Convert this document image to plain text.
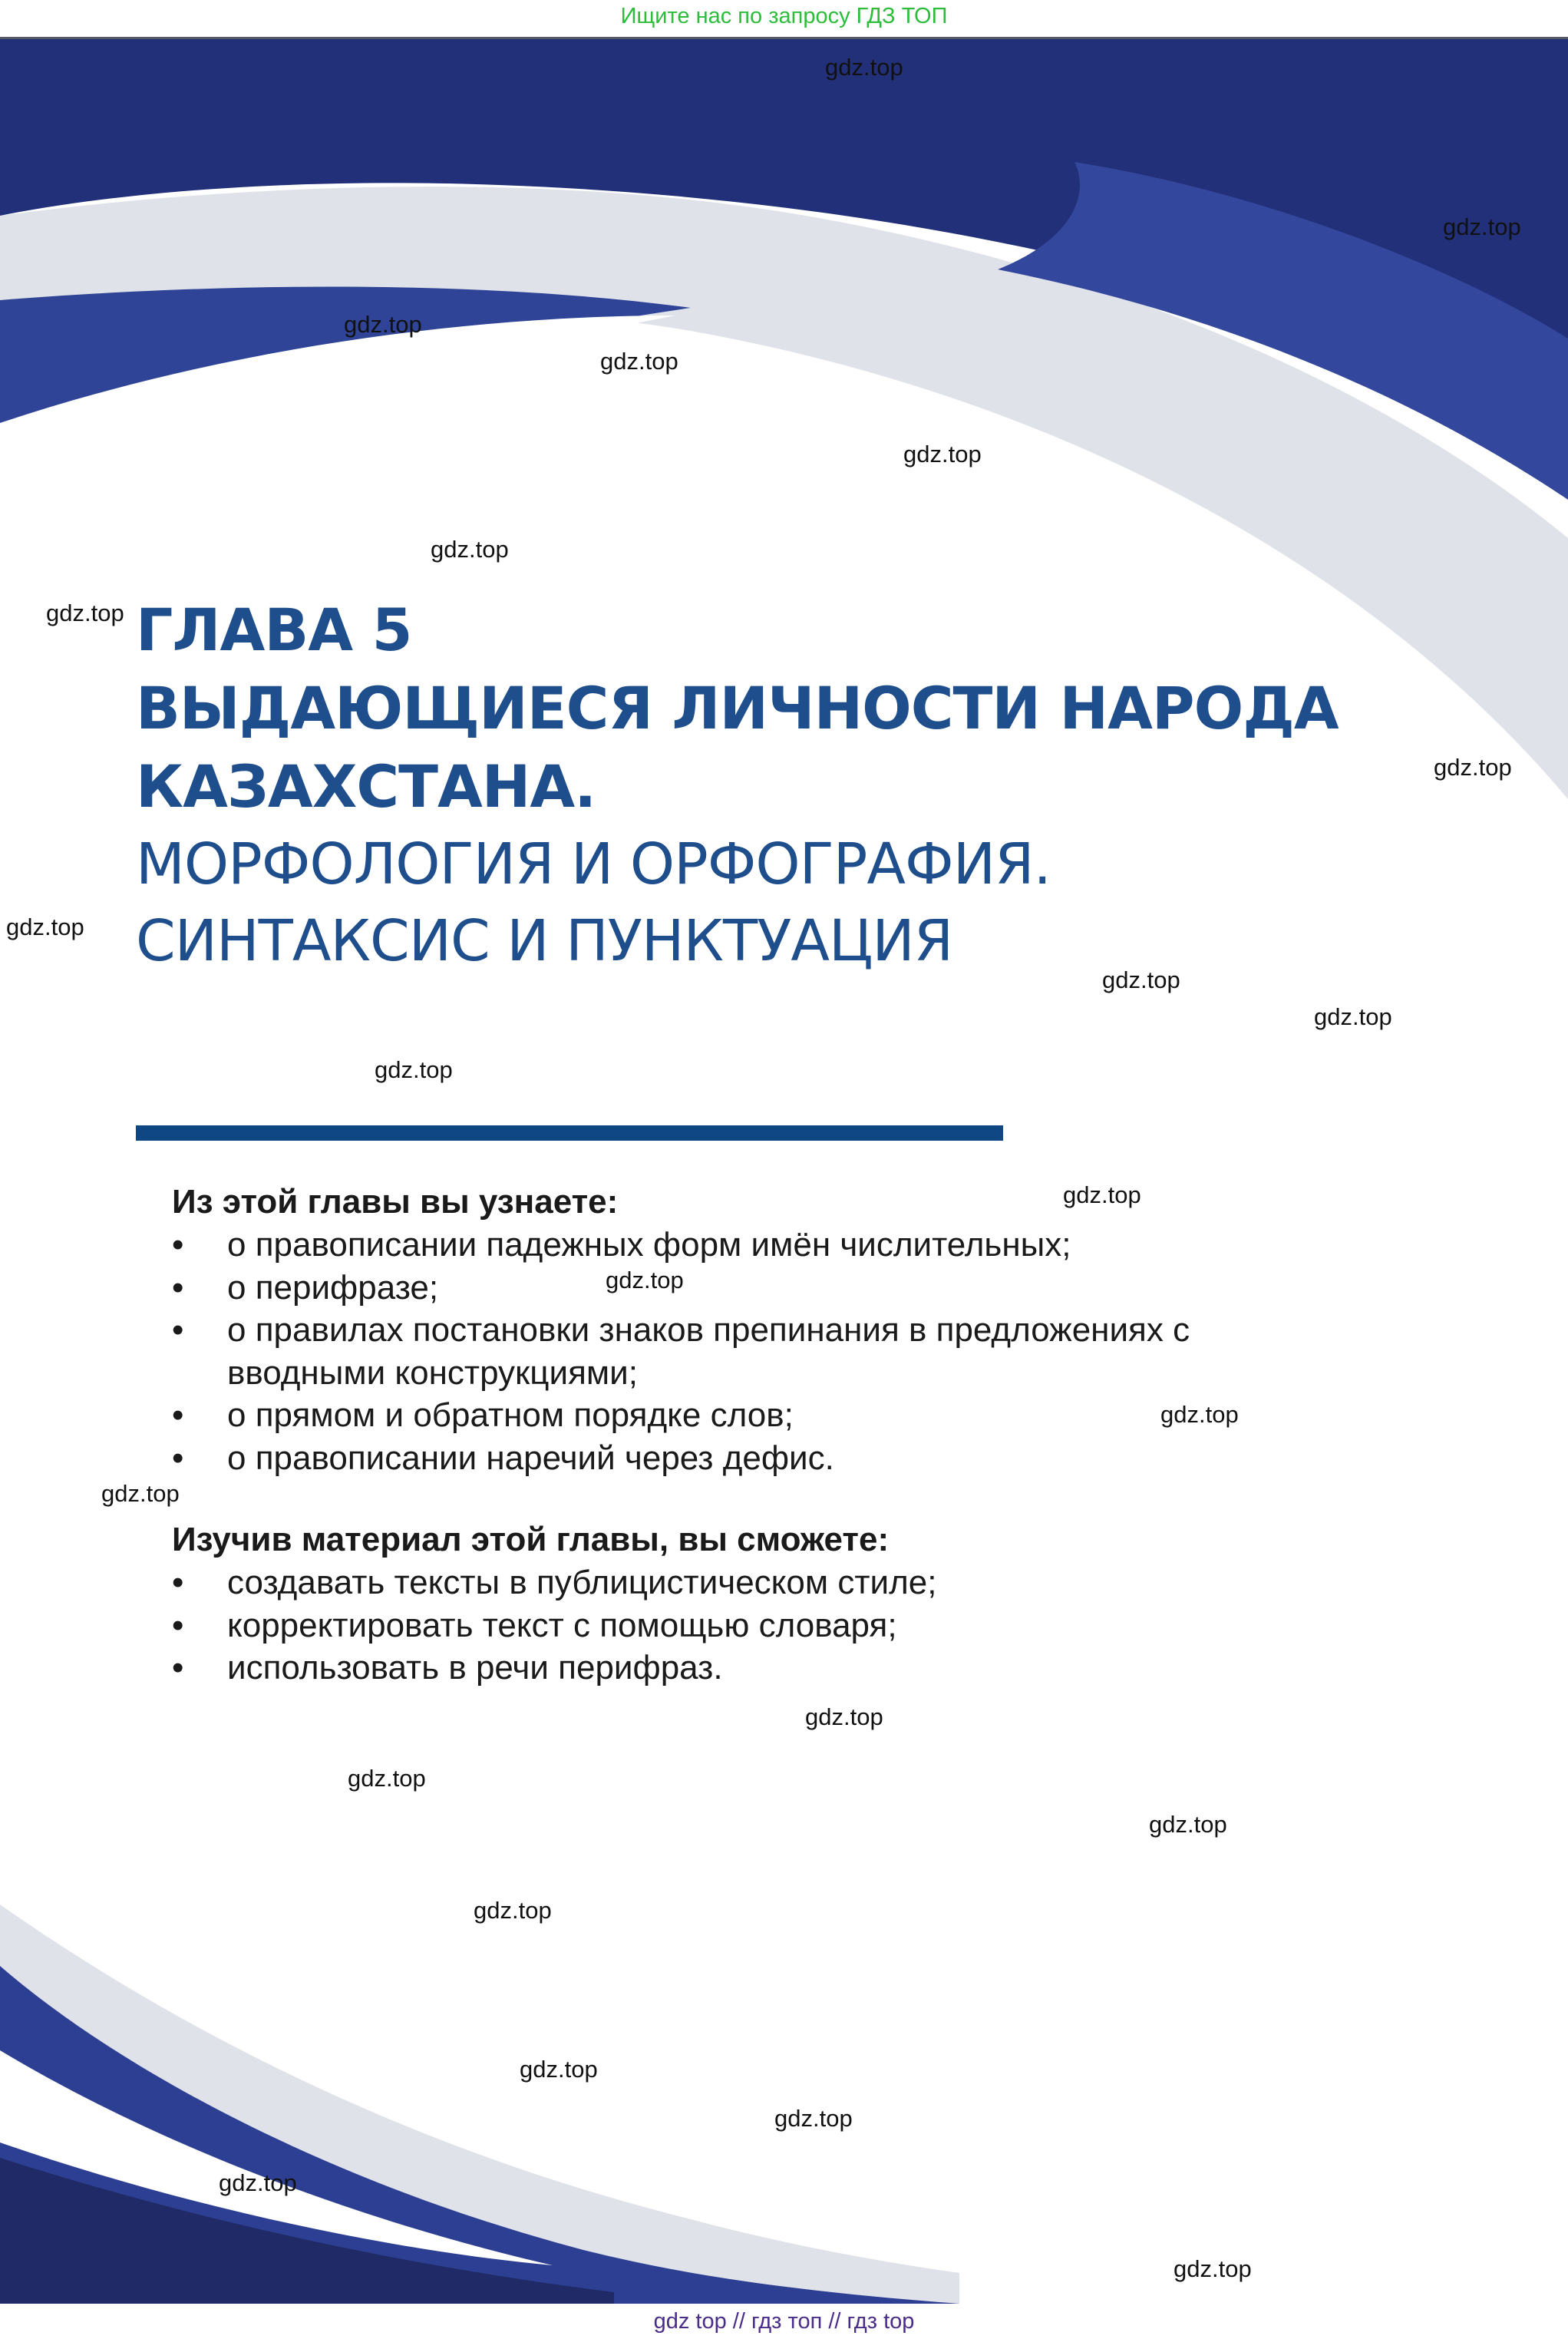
Ищите нас по запросу ГДЗ ТОП
ГЛАВА 5
ВЫДАЮЩИЕСЯ ЛИЧНОСТИ НАРОДА
КАЗАХСТАНА.
МОРФОЛОГИЯ И ОРФОГРАФИЯ.
СИНТАКСИС И ПУНКТУАЦИЯ
Из этой главы вы узнаете:
• о правописании падежных форм имён числительных;
• о перифразе;
• о правилах постановки знаков препинания в предложениях с вводными конструкциями;
• о прямом и обратном порядке слов;
• о правописании наречий через дефис.
Изучив материал этой главы, вы сможете:
• создавать тексты в публицистическом стиле;
• корректировать текст с помощью словаря;
• использовать в речи перифраз.
gdz.top
gdz.top
gdz.top
gdz.top
gdz.top
gdz.top
gdz.top
gdz.top
gdz.top
gdz.top
gdz.top
gdz.top
gdz.top
gdz.top
gdz.top
gdz.top
gdz.top
gdz.top
gdz.top
gdz.top
gdz.top
gdz.top
gdz.top
gdz.top
gdz top // гдз топ // гдз top
